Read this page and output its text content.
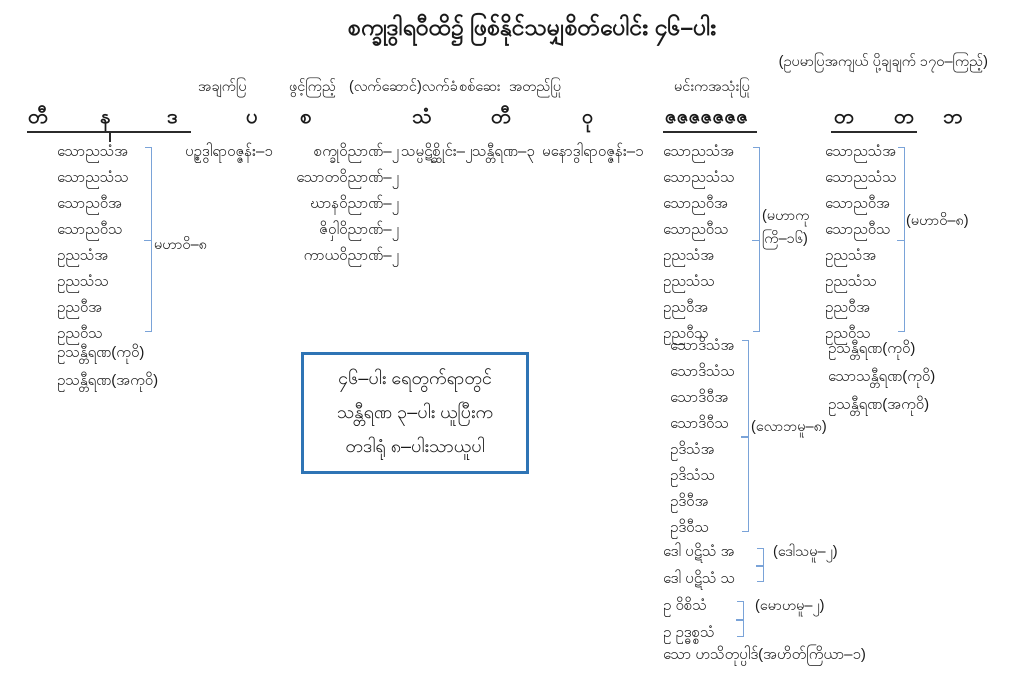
စက္ခုဒွါရဝီထိ၌ ဖြစ်နိုင်သမျှစိတ်ပေါင်း ၄၆–ပါး
(ဥပမာပြအကျယ် ပို့ချချက် ၁၇၀–ကြည့်)
အချက်ပြ	ဖွင့်ကြည့် (လက်ဆောင်)လက်ခံ စစ်ဆေး အတည်ပြု	မင်းကအသုံးပြု
တီ	န	ဒ	ပ စ	သံ	တီ	ဝု	ဇဇဇဇဇဇဇ	တ တ ဘ
သောညသံအ
သောညသံသ
သောညဝီအ
သောညဝီသ
ဥညသံအ
ဥညသံသ
ဥညဝီအ
ဥညဝီသ
မဟာဝိ–၈
ဥသန္တီရဏ(ကုဝိ)
ဥသန္တီရဏ(အကုဝိ)
ပဉ္စဒွါရာဝဇ္ဇန်း–၁	သမ္ပဋိစ္ဆိုင်း–၂ သန္တီရဏ–၃ မနောဒွါရာဝဇ္ဇန်း–၁
စက္ခုဝိညာဏ်–၂
သောတဝိညာဏ်–၂
ဃာနဝိညာဏ်–၂
ဇိဝှါဝိညာဏ်–၂
ကာယဝိညာဏ်–၂
သောညသံအ
သောညသံသ
သောညဝီအ
သောညဝီသ
ဥညသံအ
ဥညသံသ
ဥညဝီအ
ဥညဝီသ
(မဟာကု
ကြိ–၁၆)
သောဒိသံအ
သောဒိသံသ
သောဒိဝီအ
သောဒိဝီသ
ဥဒိသံအ
ဥဒိသံသ
ဥဒိဝီအ
ဥဒိဝီသ
(လောဘမူ–၈)
ဒေါ ပဋိသံ အ
ဒေါ ပဋိသံ သ
(ဒေါသမူ–၂)
ဥ ဝိစိသံ
ဥ ဥဒ္ဓစ္စသံ
(မောဟမူ–၂)
သော ဟသိတုပ္ပါဒ်(အဟိတ်ကြိယာ–၁)
သောညသံအ
သောညသံသ
သောညဝီအ
သောညဝီသ
ဥညသံအ
ဥညသံသ
ဥညဝီအ
ဥညဝီသ
(မဟာဝိ–၈)
ဥသန္တီရဏ(ကုဝိ)
သောသန္တီရဏ(ကုဝိ)
ဥသန္တီရဏ(အကုဝိ)
၄၆–ပါး ရေတွက်ရာတွင်
သန္တီရဏ ၃–ပါး ယူပြီးက
တဒါရုံ ၈–ပါးသာယူပါ
